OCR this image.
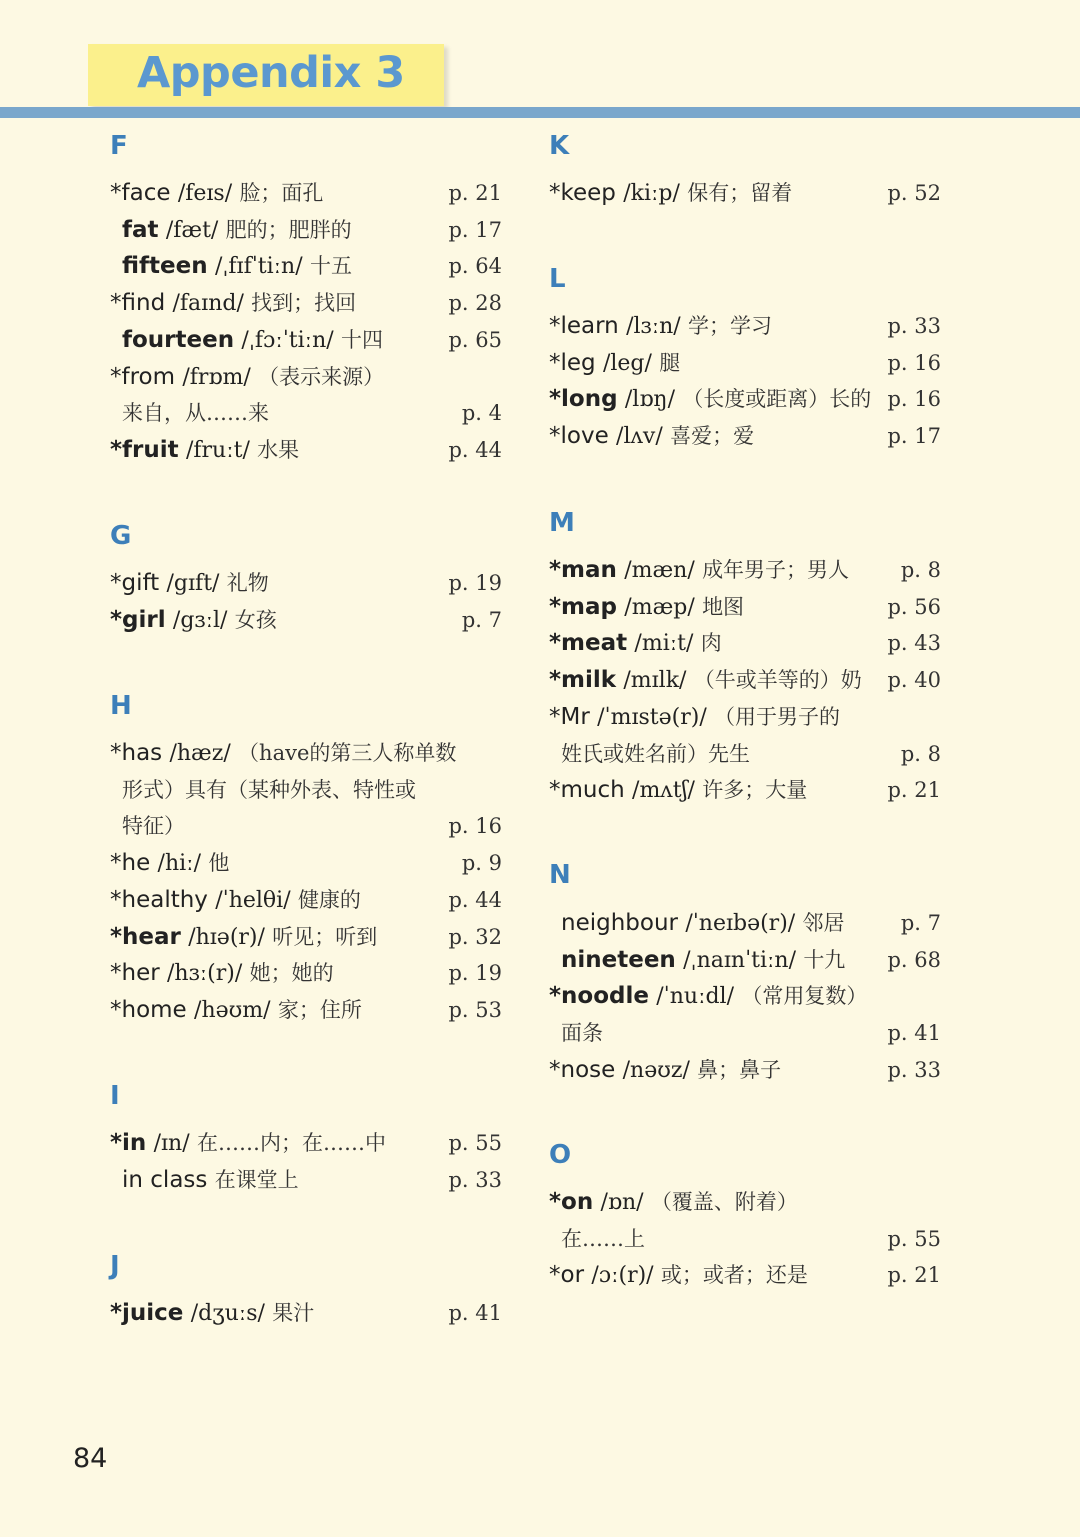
Appendix 3
F
*face /feɪs/ 脸；面孔	p. 21
fat /fæt/ 肥的；肥胖的	p. 17
fifteen /ˌfɪfˈtiːn/ 十五	p. 64
*find /faɪnd/ 找到；找回	p. 28
fourteen /ˌfɔːˈtiːn/ 十四	p. 65
*from /frɒm/ （表示来源）
来自，从……来	p. 4
*fruit /fruːt/ 水果	p. 44
G
*gift /gɪft/ 礼物	p. 19
*girl /gɜːl/ 女孩	p. 7
H
*has /hæz/ （have的第三人称单数
形式）具有（某种外表、特性或
特征）	p. 16
*he /hiː/ 他	p. 9
*healthy /ˈhelθi/ 健康的	p. 44
*hear /hɪə(r)/ 听见；听到	p. 32
*her /hɜː(r)/ 她；她的	p. 19
*home /həʊm/ 家；住所	p. 53
I
*in /ɪn/ 在……内；在……中	p. 55
in class 在课堂上	p. 33
J
*juice /dʒuːs/ 果汁	p. 41
K
*keep /kiːp/ 保有；留着	p. 52
L
*learn /lɜːn/ 学；学习	p. 33
*leg /leg/ 腿	p. 16
*long /lɒŋ/ （长度或距离）长的 p. 16
*love /lʌv/ 喜爱；爱	p. 17
M
*man /mæn/ 成年男子；男人 p. 8
*map /mæp/ 地图	p. 56
*meat /miːt/ 肉	p. 43
*milk /mɪlk/ （牛或羊等的）奶 p. 40
*Mr /ˈmɪstə(r)/ （用于男子的
姓氏或姓名前）先生	p. 8
*much /mʌtʃ/ 许多；大量	p. 21
N
neighbour /ˈneɪbə(r)/ 邻居	p. 7
nineteen /ˌnaɪnˈtiːn/ 十九 p. 68
*noodle /ˈnuːdl/ （常用复数）
面条	p. 41
*nose /nəʊz/ 鼻；鼻子	p. 33
O
*on /ɒn/ （覆盖、附着）
在……上	p. 55
*or /ɔː(r)/ 或；或者；还是	p. 21
84
